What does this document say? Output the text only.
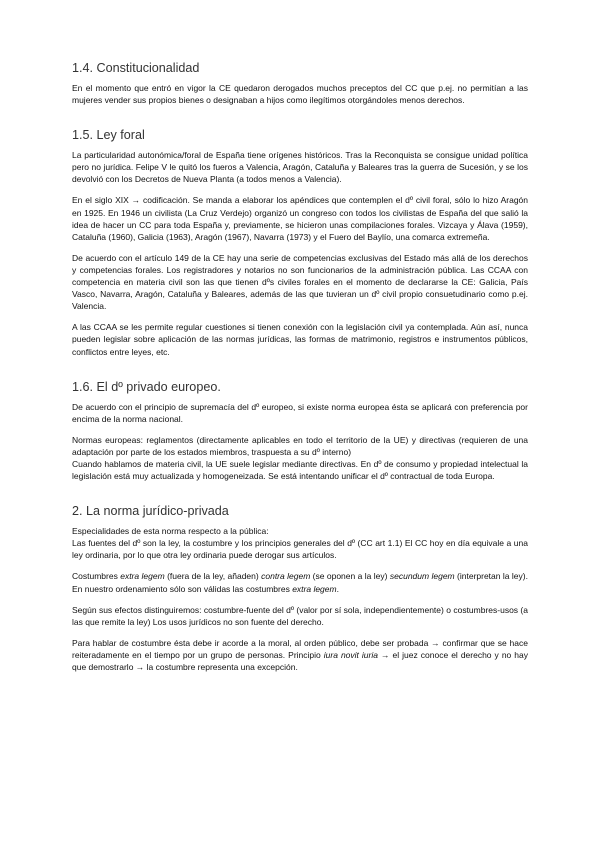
1.4. Constitucionalidad

En el momento que entró en vigor la CE quedaron derogados muchos preceptos del CC que p.ej. no permitían a las mujeres vender sus propios bienes o designaban a hijos como ilegítimos otorgándoles menos derechos.

1.5. Ley foral

La particularidad autonómica/foral de España tiene orígenes históricos. Tras la Reconquista se consigue unidad política pero no jurídica. Felipe V le quitó los fueros a Valencia, Aragón, Cataluña y Baleares tras la guerra de Sucesión, y se los devolvió con los Decretos de Nueva Planta (a todos menos a Valencia).

En el siglo XIX → codificación. Se manda a elaborar los apéndices que contemplen el dº civil foral, sólo lo hizo Aragón en 1925. En 1946 un civilista (La Cruz Verdejo) organizó un congreso con todos los civilistas de España del que salió la idea de hacer un CC para toda España y, previamente, se hicieron unas compilaciones forales. Vizcaya y Álava (1959), Cataluña (1960), Galicia (1963), Aragón (1967), Navarra (1973) y el Fuero del Baylío, una comarca extremeña.

De acuerdo con el artículo 149 de la CE hay una serie de competencias exclusivas del Estado más allá de los derechos y competencias forales. Los registradores y notarios no son funcionarios de la administración pública. Las CCAA con competencia en materia civil son las que tienen dºs civiles forales en el momento de declararse la CE: Galicia, País Vasco, Navarra, Aragón, Cataluña y Baleares, además de las que tuvieran un dº civil propio consuetudinario como p.ej. Valencia.

A las CCAA se les permite regular cuestiones si tienen conexión con la legislación civil ya contemplada. Aún así, nunca pueden legislar sobre aplicación de las normas jurídicas, las formas de matrimonio, registros e instrumentos públicos, conflictos entre leyes, etc.

1.6. El dº privado europeo.

De acuerdo con el principio de supremacía del dº europeo, si existe norma europea ésta se aplicará con preferencia por encima de la norma nacional.

Normas europeas: reglamentos (directamente aplicables en todo el territorio de la UE) y directivas (requieren de una adaptación por parte de los estados miembros, traspuesta a su dº interno)

Cuando hablamos de materia civil, la UE suele legislar mediante directivas. En dº de consumo y propiedad intelectual la legislación está muy actualizada y homogeneizada. Se está intentando unificar el dº contractual de toda Europa.

2. La norma jurídico-privada

Especialidades de esta norma respecto a la pública:

Las fuentes del dº son la ley, la costumbre y los principios generales del dº (CC art 1.1) El CC hoy en día equivale a una ley ordinaria, por lo que otra ley ordinaria puede derogar sus artículos.

Costumbres extra legem (fuera de la ley, añaden) contra legem (se oponen a la ley) secundum legem (interpretan la ley). En nuestro ordenamiento sólo son válidas las costumbres extra legem.

Según sus efectos distinguiremos: costumbre-fuente del dº (valor por sí sola, independientemente) o costumbres-usos (a las que remite la ley) Los usos jurídicos no son fuente del derecho.

Para hablar de costumbre ésta debe ir acorde a la moral, al orden público, debe ser probada → confirmar que se hace reiteradamente en el tiempo por un grupo de personas. Principio iura novit iuria → el juez conoce el derecho y no hay que demostrarlo → la costumbre representa una excepción.
